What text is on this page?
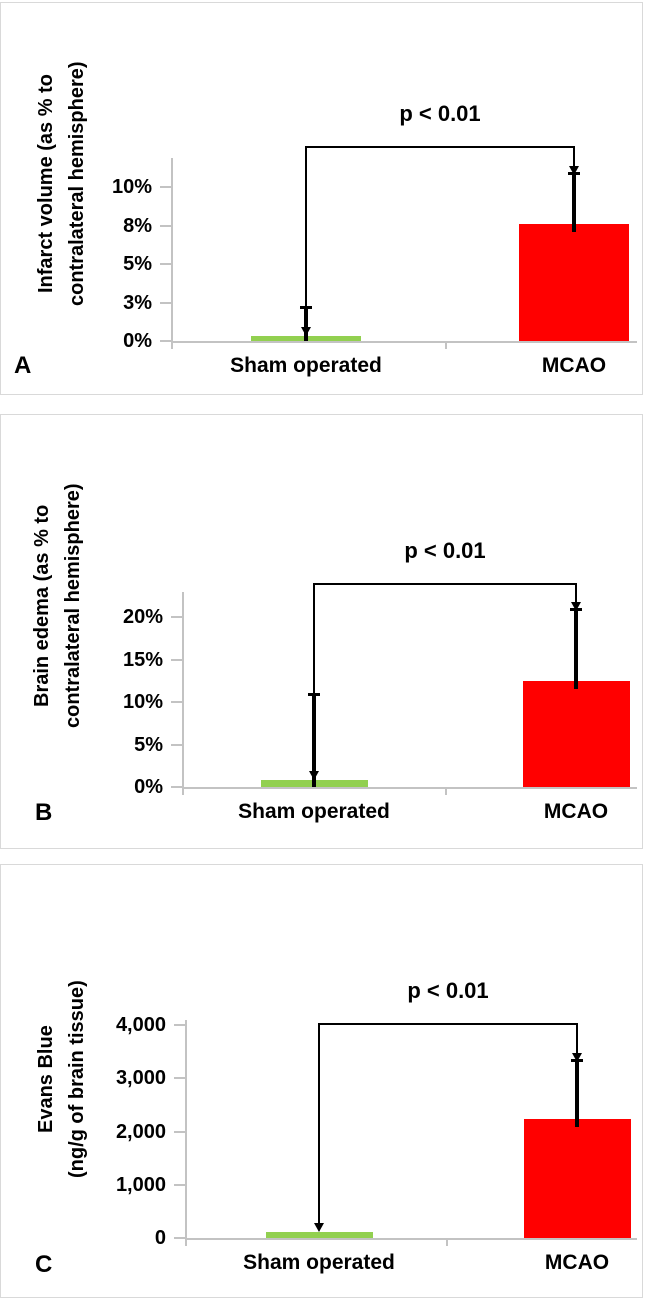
Infarct volume (as % to contralateral hemisphere)
0%
3%
5%
8%
10%
Sham operated	MCAO
p < 0.01
A
Brain edema (as % to contralateral hemisphere)
0%
5%
10%
15%
20%
Sham operated	MCAO
p < 0.01
B
Evans Blue (ng/g of brain tissue)
0
1,000
2,000
3,000
4,000
Sham operated	MCAO
p < 0.01
C
